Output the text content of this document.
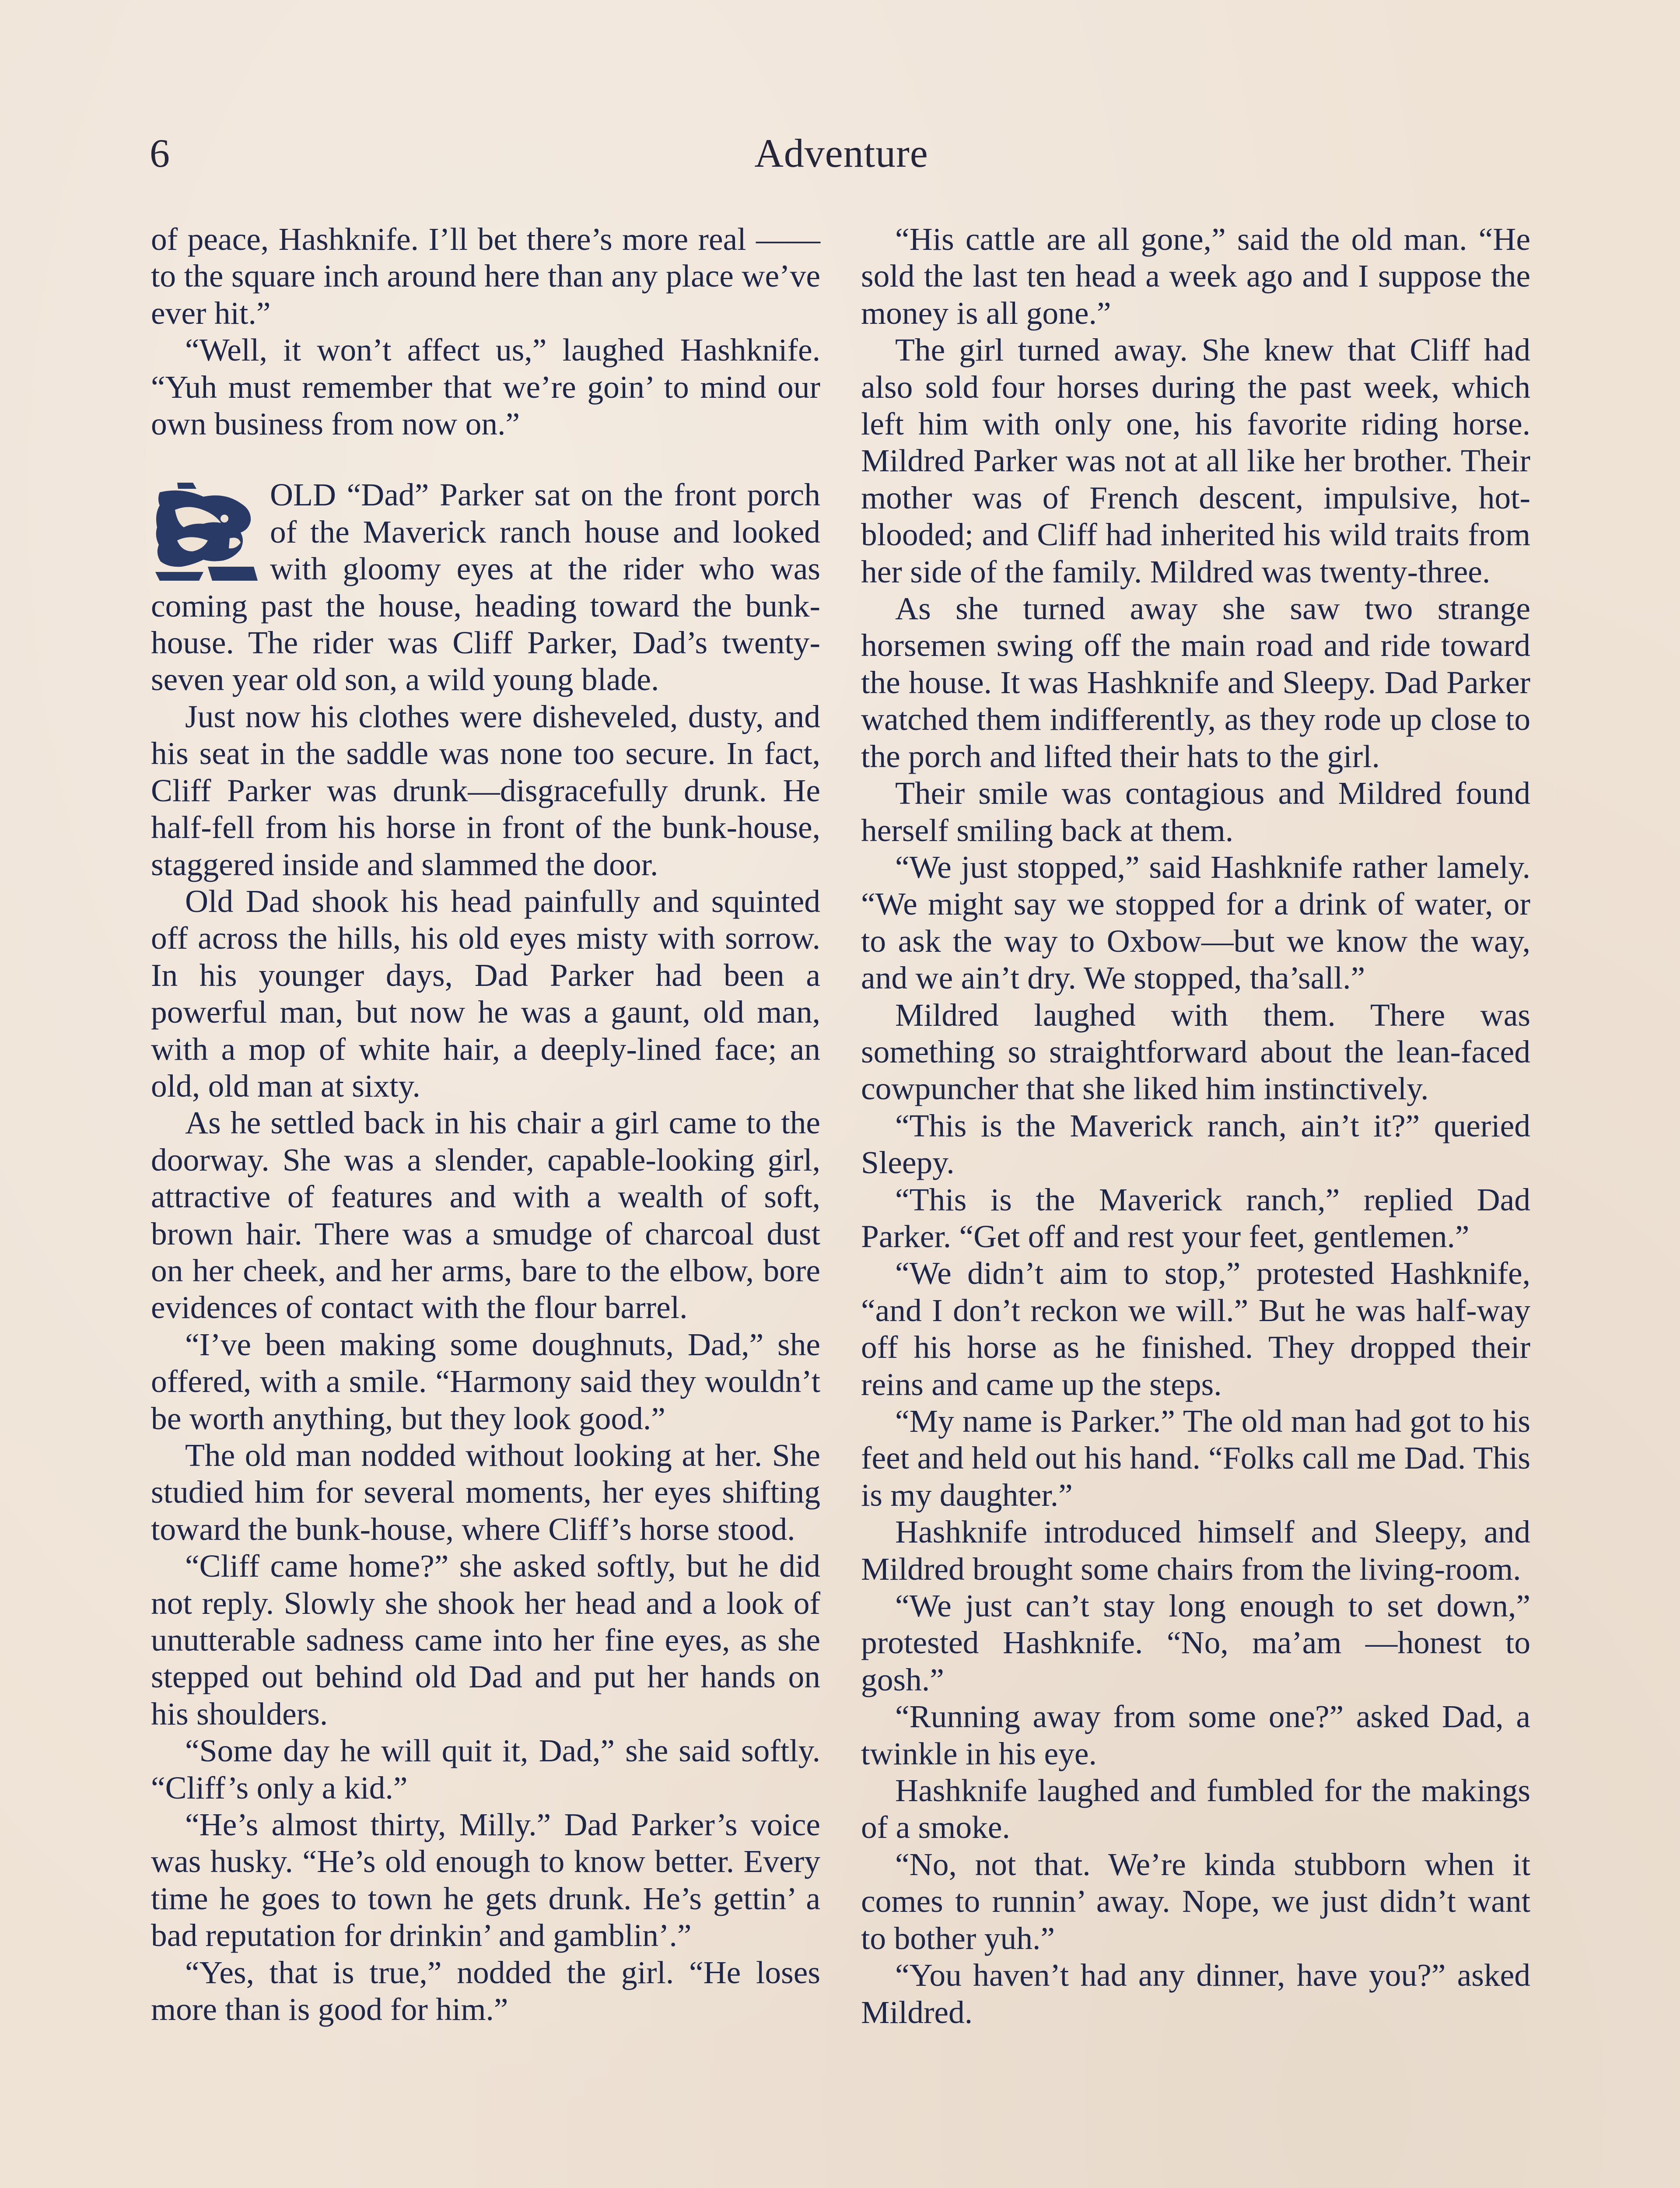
6	Adventure

of peace, Hashknife. I’ll bet there’s more real —— to the square inch around here than any place we’ve ever hit.”

“Well, it won’t affect us,” laughed Hashknife. “Yuh must remember that we’re goin’ to mind our own business from now on.”

OLD “Dad” Parker sat on the front porch of the Maverick ranch house and looked with gloomy eyes at the rider who was coming past the house, heading toward the bunk-house. The rider was Cliff Parker, Dad’s twenty-seven year old son, a wild young blade.

Just now his clothes were disheveled, dusty, and his seat in the saddle was none too secure. In fact, Cliff Parker was drunk—disgracefully drunk. He half-fell from his horse in front of the bunk-house, staggered inside and slammed the door.

Old Dad shook his head painfully and squinted off across the hills, his old eyes misty with sorrow. In his younger days, Dad Parker had been a powerful man, but now he was a gaunt, old man, with a mop of white hair, a deeply-lined face; an old, old man at sixty.

As he settled back in his chair a girl came to the doorway. She was a slender, capable-looking girl, attractive of features and with a wealth of soft, brown hair. There was a smudge of charcoal dust on her cheek, and her arms, bare to the elbow, bore evidences of contact with the flour barrel.

“I’ve been making some doughnuts, Dad,” she offered, with a smile. “Harmony said they wouldn’t be worth anything, but they look good.”

The old man nodded without looking at her. She studied him for several moments, her eyes shifting toward the bunk-house, where Cliff’s horse stood.

“Cliff came home?” she asked softly, but he did not reply. Slowly she shook her head and a look of unutterable sadness came into her fine eyes, as she stepped out behind old Dad and put her hands on his shoulders.

“Some day he will quit it, Dad,” she said softly. “Cliff’s only a kid.”

“He’s almost thirty, Milly.” Dad Parker’s voice was husky. “He’s old enough to know better. Every time he goes to town he gets drunk. He’s gettin’ a bad reputation for drinkin’ and gamblin’.”

“Yes, that is true,” nodded the girl. “He loses more than is good for him.”

“His cattle are all gone,” said the old man. “He sold the last ten head a week ago and I suppose the money is all gone.”

The girl turned away. She knew that Cliff had also sold four horses during the past week, which left him with only one, his favorite riding horse. Mildred Parker was not at all like her brother. Their mother was of French descent, impulsive, hot-blooded; and Cliff had inherited his wild traits from her side of the family. Mildred was twenty-three.

As she turned away she saw two strange horsemen swing off the main road and ride toward the house. It was Hashknife and Sleepy. Dad Parker watched them indifferently, as they rode up close to the porch and lifted their hats to the girl.

Their smile was contagious and Mildred found herself smiling back at them.

“We just stopped,” said Hashknife rather lamely. “We might say we stopped for a drink of water, or to ask the way to Oxbow—but we know the way, and we ain’t dry. We stopped, tha’sall.”

Mildred laughed with them. There was something so straightforward about the lean-faced cowpuncher that she liked him instinctively.

“This is the Maverick ranch, ain’t it?” queried Sleepy.

“This is the Maverick ranch,” replied Dad Parker. “Get off and rest your feet, gentlemen.”

“We didn’t aim to stop,” protested Hashknife, “and I don’t reckon we will.” But he was half-way off his horse as he finished. They dropped their reins and came up the steps.

“My name is Parker.” The old man had got to his feet and held out his hand. “Folks call me Dad. This is my daughter.”

Hashknife introduced himself and Sleepy, and Mildred brought some chairs from the living-room.

“We just can’t stay long enough to set down,” protested Hashknife. “No, ma’am —honest to gosh.”

“Running away from some one?” asked Dad, a twinkle in his eye.

Hashknife laughed and fumbled for the makings of a smoke.

“No, not that. We’re kinda stubborn when it comes to runnin’ away. Nope, we just didn’t want to bother yuh.”

“You haven’t had any dinner, have you?” asked Mildred.
